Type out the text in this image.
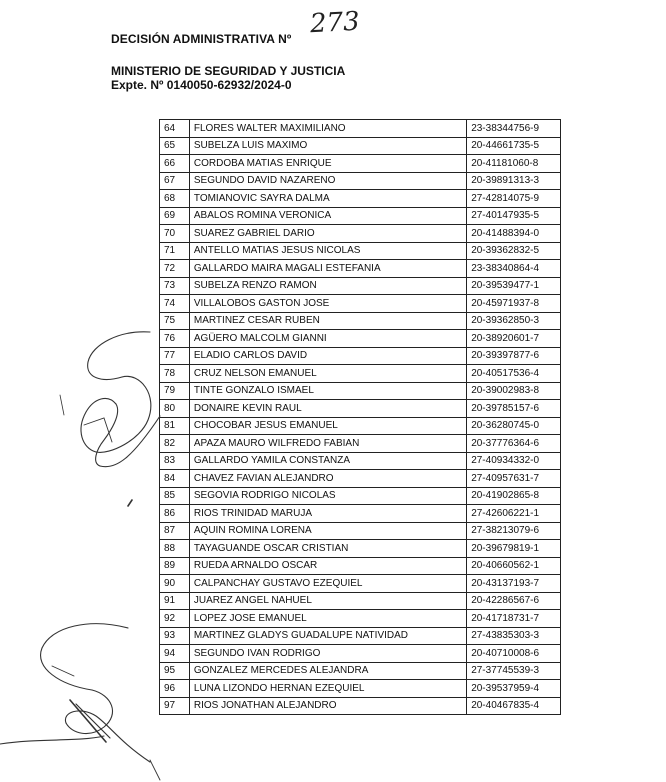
DECISIÓN ADMINISTRATIVA Nº 273
MINISTERIO DE SEGURIDAD Y JUSTICIA
Expte. Nº 0140050-62932/2024-0
64	FLORES WALTER MAXIMILIANO	23-38344756-9
65	SUBELZA LUIS MAXIMO	20-44661735-5
66	CORDOBA MATIAS ENRIQUE	20-41181060-8
67	SEGUNDO DAVID NAZARENO	20-39891313-3
68	TOMIANOVIC SAYRA DALMA	27-42814075-9
69	ABALOS ROMINA VERONICA	27-40147935-5
70	SUAREZ GABRIEL DARIO	20-41488394-0
71	ANTELLO MATIAS JESUS NICOLAS	20-39362832-5
72	GALLARDO MAIRA MAGALI ESTEFANIA	23-38340864-4
73	SUBELZA RENZO RAMON	20-39539477-1
74	VILLALOBOS GASTON JOSE	20-45971937-8
75	MARTINEZ CESAR RUBEN	20-39362850-3
76	AGÜERO MALCOLM GIANNI	20-38920601-7
77	ELADIO CARLOS DAVID	20-39397877-6
78	CRUZ NELSON EMANUEL	20-40517536-4
79	TINTE GONZALO ISMAEL	20-39002983-8
80	DONAIRE KEVIN RAUL	20-39785157-6
81	CHOCOBAR JESUS EMANUEL	20-36280745-0
82	APAZA MAURO WILFREDO FABIAN	20-37776364-6
83	GALLARDO YAMILA CONSTANZA	27-40934332-0
84	CHAVEZ FAVIAN ALEJANDRO	27-40957631-7
85	SEGOVIA RODRIGO NICOLAS	20-41902865-8
86	RIOS TRINIDAD MARUJA	27-42606221-1
87	AQUIN ROMINA LORENA	27-38213079-6
88	TAYAGUANDE OSCAR CRISTIAN	20-39679819-1
89	RUEDA ARNALDO OSCAR	20-40660562-1
90	CALPANCHAY GUSTAVO EZEQUIEL	20-43137193-7
91	JUAREZ ANGEL NAHUEL	20-42286567-6
92	LOPEZ JOSE EMANUEL	20-41718731-7
93	MARTINEZ GLADYS GUADALUPE NATIVIDAD	27-43835303-3
94	SEGUNDO IVAN RODRIGO	20-40710008-6
95	GONZALEZ MERCEDES ALEJANDRA	27-37745539-3
96	LUNA LIZONDO HERNAN EZEQUIEL	20-39537959-4
97	RIOS JONATHAN ALEJANDRO	20-40467835-4
